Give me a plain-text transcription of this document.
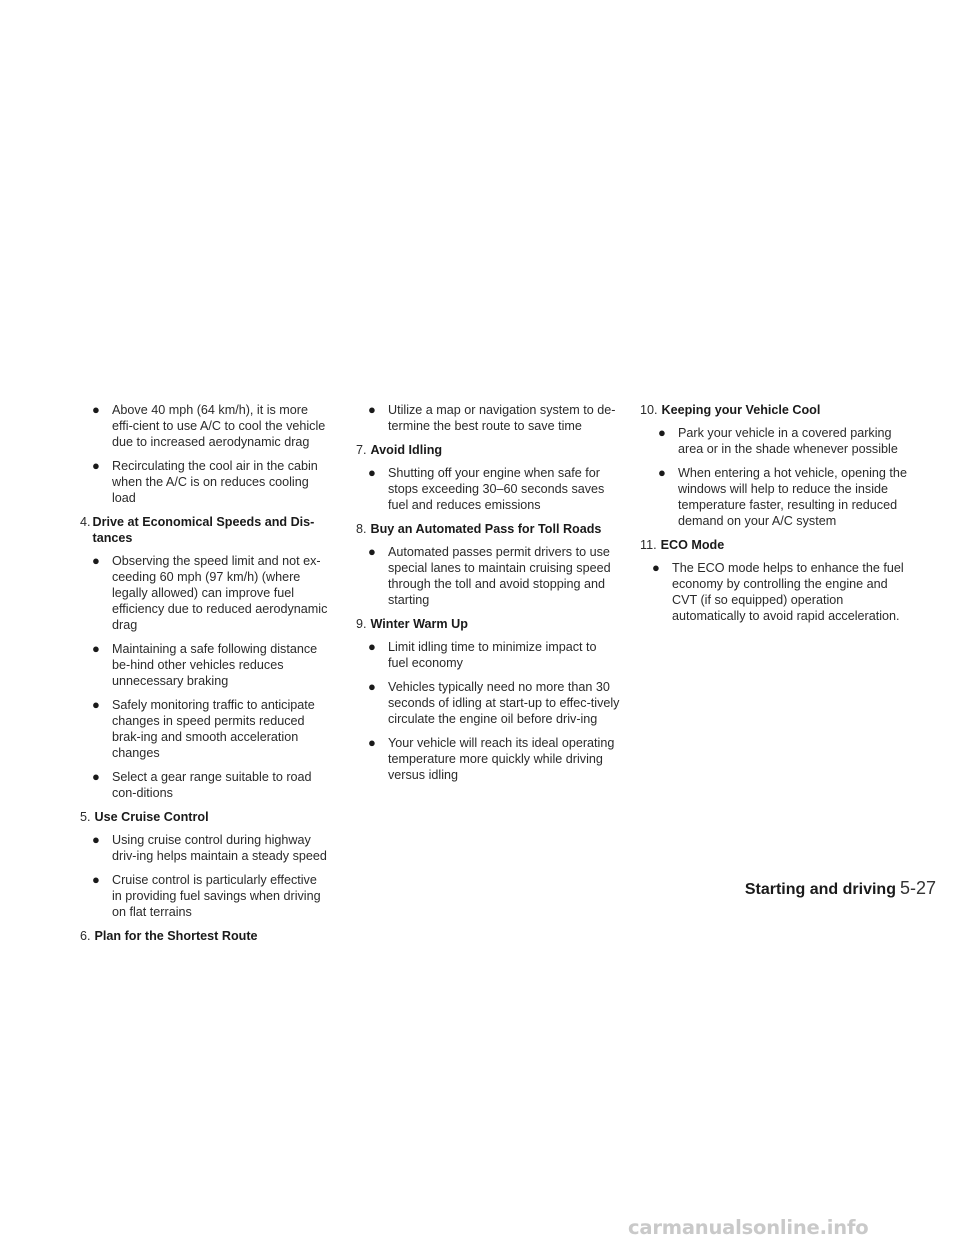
● Above 40 mph (64 km/h), it is more effi-cient to use A/C to cool the vehicle due to increased aerodynamic drag
● Recirculating the cool air in the cabin when the A/C is on reduces cooling load
4. Drive at Economical Speeds and Dis-tances
● Observing the speed limit and not ex-ceeding 60 mph (97 km/h) (where legally allowed) can improve fuel efficiency due to reduced aerodynamic drag
● Maintaining a safe following distance be-hind other vehicles reduces unnecessary braking
● Safely monitoring traffic to anticipate changes in speed permits reduced brak-ing and smooth acceleration changes
● Select a gear range suitable to road con-ditions
5. Use Cruise Control
● Using cruise control during highway driv-ing helps maintain a steady speed
● Cruise control is particularly effective in providing fuel savings when driving on flat terrains
6. Plan for the Shortest Route
● Utilize a map or navigation system to de-termine the best route to save time
7. Avoid Idling
● Shutting off your engine when safe for stops exceeding 30–60 seconds saves fuel and reduces emissions
8. Buy an Automated Pass for Toll Roads
● Automated passes permit drivers to use special lanes to maintain cruising speed through the toll and avoid stopping and starting
9. Winter Warm Up
● Limit idling time to minimize impact to fuel economy
● Vehicles typically need no more than 30 seconds of idling at start-up to effec-tively circulate the engine oil before driv-ing
● Your vehicle will reach its ideal operating temperature more quickly while driving versus idling
10. Keeping your Vehicle Cool
● Park your vehicle in a covered parking area or in the shade whenever possible
● When entering a hot vehicle, opening the windows will help to reduce the inside temperature faster, resulting in reduced demand on your A/C system
11. ECO Mode
● The ECO mode helps to enhance the fuel economy by controlling the engine and CVT (if so equipped) operation automatically to avoid rapid acceleration.
Starting and driving 5-27
carmanualsonline.info
